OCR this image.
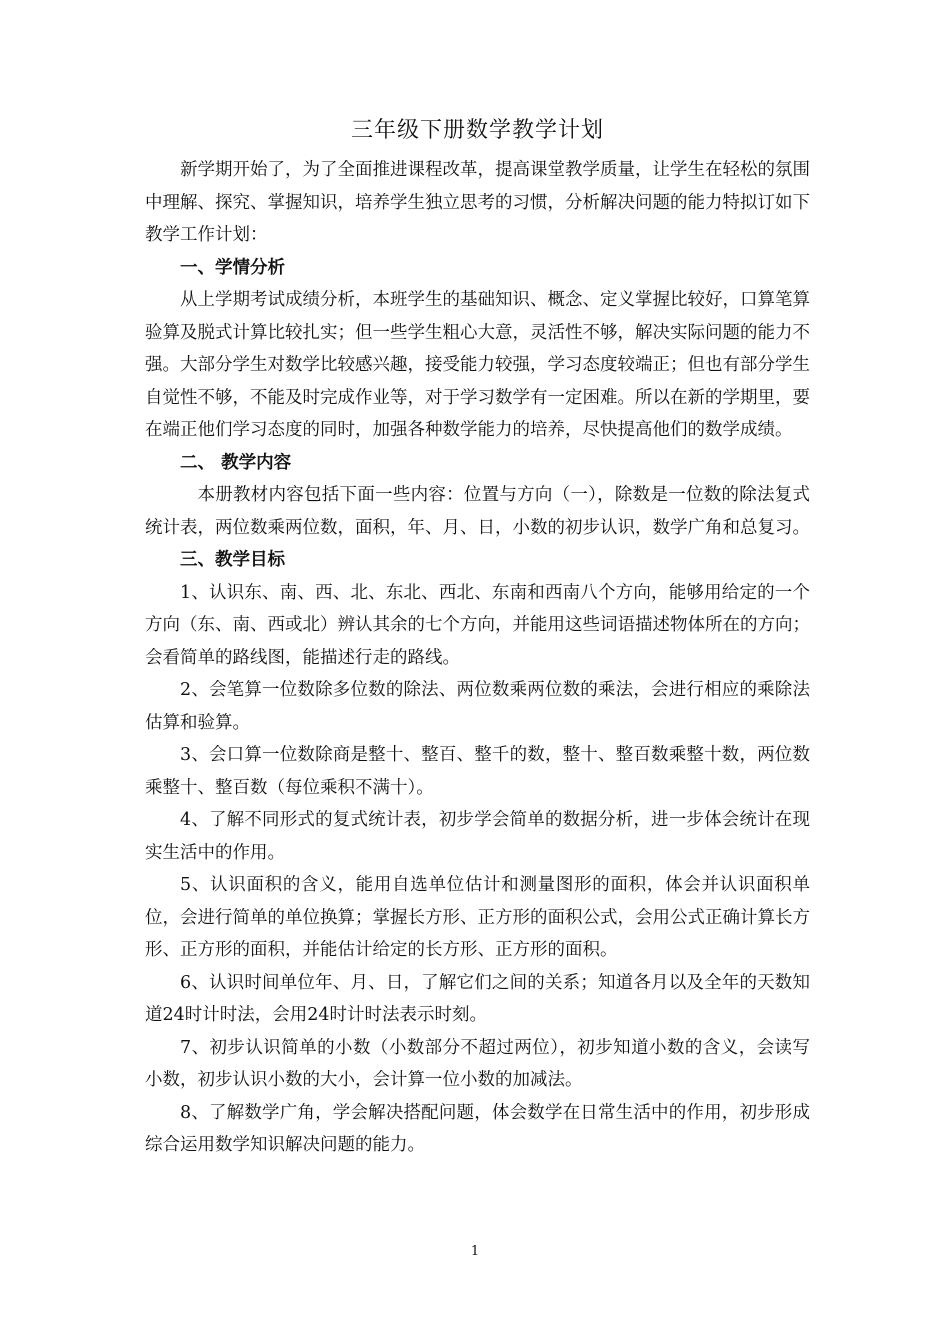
三年级下册数学教学计划

新学期开始了，为了全面推进课程改革，提高课堂教学质量，让学生在轻松的氛围中理解、探究、掌握知识，培养学生独立思考的习惯，分析解决问题的能力特拟订如下教学工作计划：

一、学情分析

从上学期考试成绩分析，本班学生的基础知识、概念、定义掌握比较好，口算笔算验算及脱式计算比较扎实；但一些学生粗心大意，灵活性不够，解决实际问题的能力不强。大部分学生对数学比较感兴趣，接受能力较强，学习态度较端正；但也有部分学生自觉性不够，不能及时完成作业等，对于学习数学有一定困难。所以在新的学期里，要在端正他们学习态度的同时，加强各种数学能力的培养，尽快提高他们的数学成绩。

二、 教学内容

本册教材内容包括下面一些内容：位置与方向（一），除数是一位数的除法复式统计表，两位数乘两位数，面积，年、月、日，小数的初步认识，数学广角和总复习。

三、教学目标

1、认识东、南、西、北、东北、西北、东南和西南八个方向，能够用给定的一个方向（东、南、西或北）辨认其余的七个方向，并能用这些词语描述物体所在的方向；会看简单的路线图，能描述行走的路线。

2、会笔算一位数除多位数的除法、两位数乘两位数的乘法，会进行相应的乘除法估算和验算。

3、会口算一位数除商是整十、整百、整千的数，整十、整百数乘整十数，两位数乘整十、整百数（每位乘积不满十）。

4、了解不同形式的复式统计表，初步学会简单的数据分析，进一步体会统计在现实生活中的作用。

5、认识面积的含义，能用自选单位估计和测量图形的面积，体会并认识面积单位，会进行简单的单位换算；掌握长方形、正方形的面积公式，会用公式正确计算长方形、正方形的面积，并能估计给定的长方形、正方形的面积。

6、认识时间单位年、月、日，了解它们之间的关系；知道各月以及全年的天数知道24时计时法，会用24时计时法表示时刻。

7、初步认识简单的小数（小数部分不超过两位），初步知道小数的含义，会读写小数，初步认识小数的大小，会计算一位小数的加减法。

8、了解数学广角，学会解决搭配问题，体会数学在日常生活中的作用，初步形成综合运用数学知识解决问题的能力。

1
